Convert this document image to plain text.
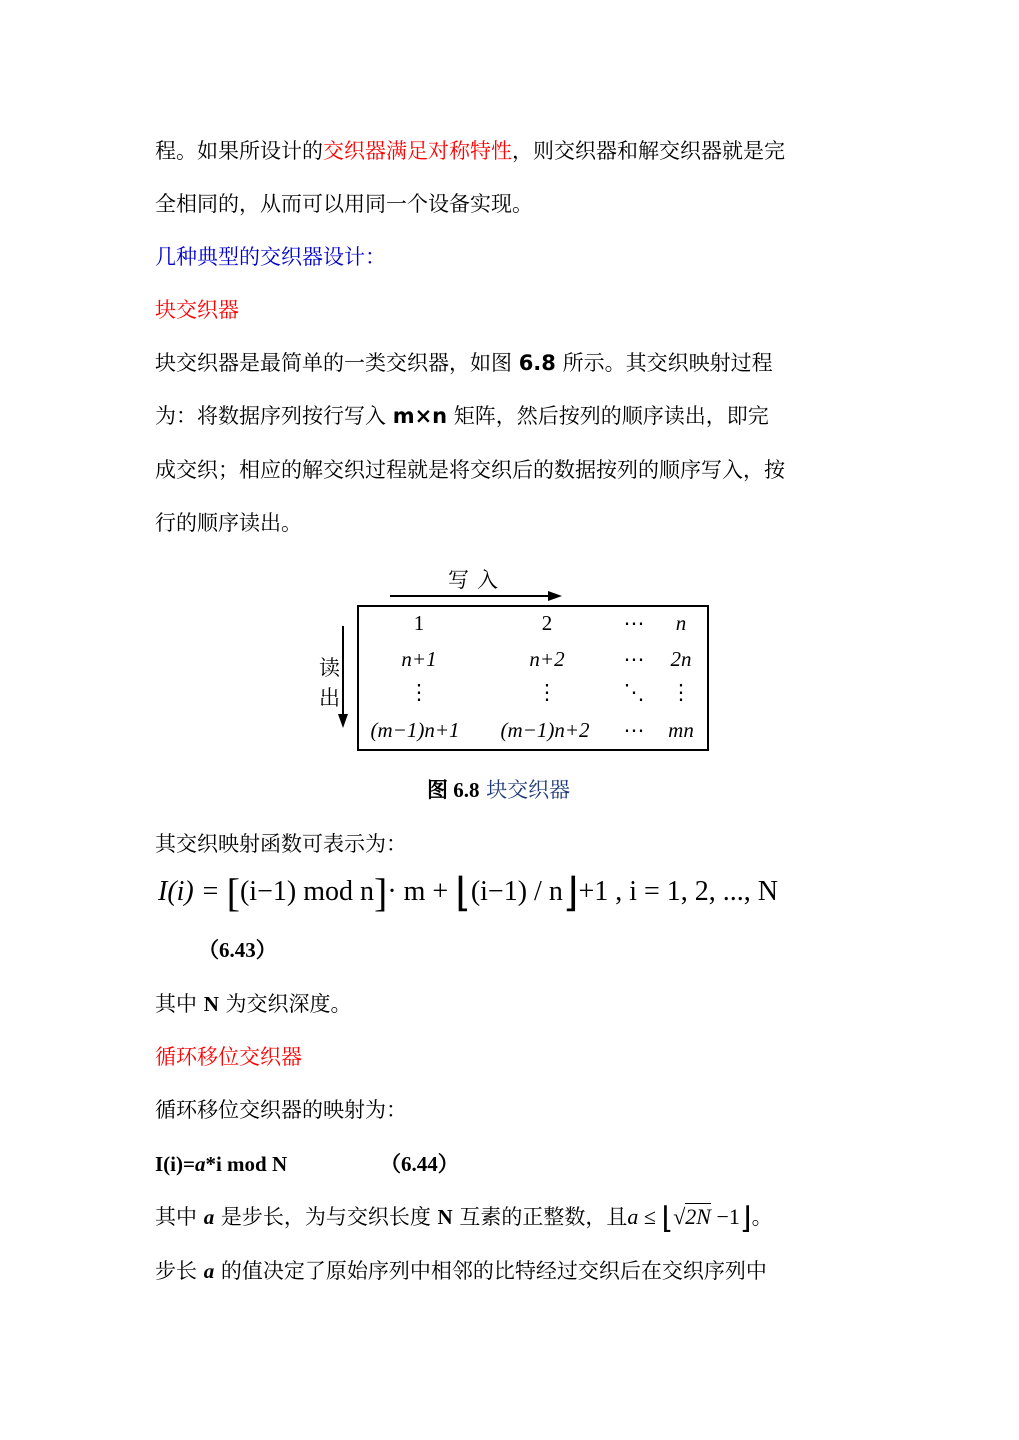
程。如果所设计的交织器满足对称特性，则交织器和解交织器就是完
全相同的，从而可以用同一个设备实现。
几种典型的交织器设计：
块交织器
块交织器是最简单的一类交织器，如图 6.8 所示。其交织映射过程
为：将数据序列按行写入 m×n 矩阵，然后按列的顺序读出，即完
成交织；相应的解交织过程就是将交织后的数据按列的顺序写入，按
行的顺序读出。
写入
读
出
1	2	⋯ n
n+1	n+2	⋯ 2n
⋮	⋮	⋱ ⋮
(m−1)n+1 (m−1)n+2 ⋯ mn
图 6.8 块交织器
其交织映射函数可表示为：
I(i) = [(i−1) mod n]· m + ⌊(i−1) / n⌋+1 , i = 1, 2, ..., N
（6.43）
其中 N 为交织深度。
循环移位交织器
循环移位交织器的映射为：
I(i)=a*i mod N	（6.44）
其中 a 是步长，为与交织长度 N 互素的正整数，且a ≤ ⌊√2N −1⌋。
步长 a 的值决定了原始序列中相邻的比特经过交织后在交织序列中
